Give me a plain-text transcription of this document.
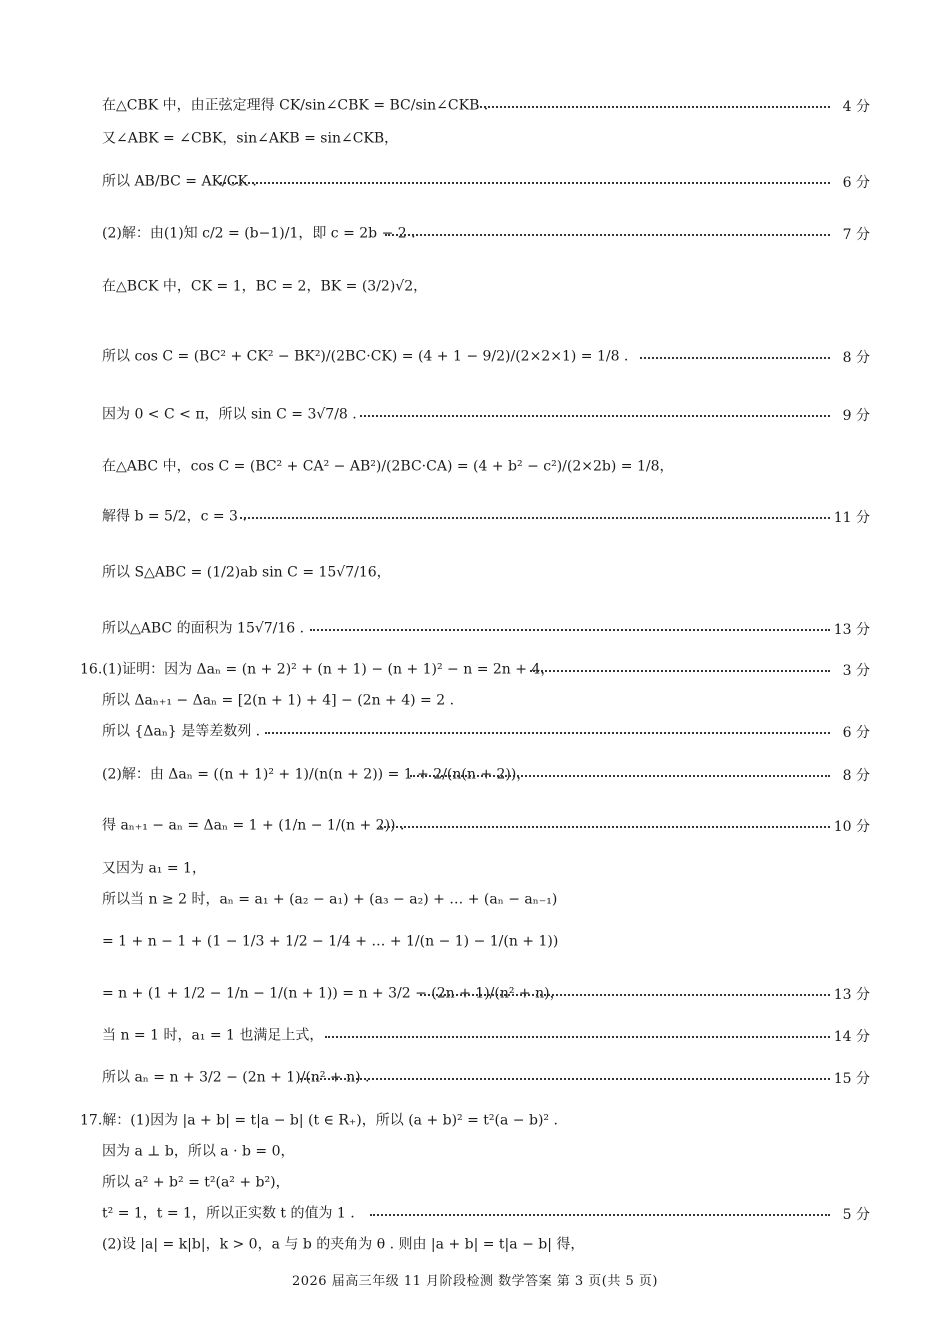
在△CBK 中，由正弦定理得 CK/sin∠CBK = BC/sin∠CKB .	4 分
又∠ABK = ∠CBK，sin∠AKB = sin∠CKB，
所以 AB/BC = AK/CK .	6 分
(2)解：由(1)知 c/2 = (b−1)/1，即 c = 2b − 2 .	7 分
在△BCK 中，CK = 1，BC = 2，BK = (3/2)√2，
所以 cos C = (BC² + CK² − BK²)/(2BC·CK) = (4 + 1 − 9/2)/(2×2×1) = 1/8 .	8 分
因为 0 < C < π，所以 sin C = 3√7/8 .	9 分
在△ABC 中，cos C = (BC² + CA² − AB²)/(2BC·CA) = (4 + b² − c²)/(2×2b) = 1/8，
解得 b = 5/2，c = 3 .	11 分
所以 S△ABC = (1/2)ab sin C = 15√7/16，
所以△ABC 的面积为 15√7/16 .	13 分
16.(1)证明：因为 Δaₙ = (n + 2)² + (n + 1) − (n + 1)² − n = 2n + 4，	3 分
所以 Δaₙ₊₁ − Δaₙ = [2(n + 1) + 4] − (2n + 4) = 2 .
所以 {Δaₙ} 是等差数列 .	6 分
(2)解：由 Δaₙ = ((n + 1)² + 1)/(n(n + 2)) = 1 + 2/(n(n + 2))，	8 分
得 aₙ₊₁ − aₙ = Δaₙ = 1 + (1/n − 1/(n + 2)) .	10 分
又因为 a₁ = 1，
所以当 n ≥ 2 时，aₙ = a₁ + (a₂ − a₁) + (a₃ − a₂) + … + (aₙ − aₙ₋₁)
= 1 + n − 1 + (1 − 1/3 + 1/2 − 1/4 + … + 1/(n − 1) − 1/(n + 1))
= n + (1 + 1/2 − 1/n − 1/(n + 1)) = n + 3/2 − (2n + 1)/(n² + n)，	13 分
当 n = 1 时，a₁ = 1 也满足上式，	14 分
所以 aₙ = n + 3/2 − (2n + 1)/(n² + n) .	15 分
17.解：(1)因为 |a + b| = t|a − b| (t ∈ R₊)，所以 (a + b)² = t²(a − b)² .
因为 a ⊥ b，所以 a · b = 0，
所以 a² + b² = t²(a² + b²)，
t² = 1，t = 1，所以正实数 t 的值为 1 .	5 分
(2)设 |a| = k|b|，k > 0，a 与 b 的夹角为 θ . 则由 |a + b| = t|a − b| 得，
2026 届高三年级 11 月阶段检测 数学答案 第 3 页(共 5 页)
